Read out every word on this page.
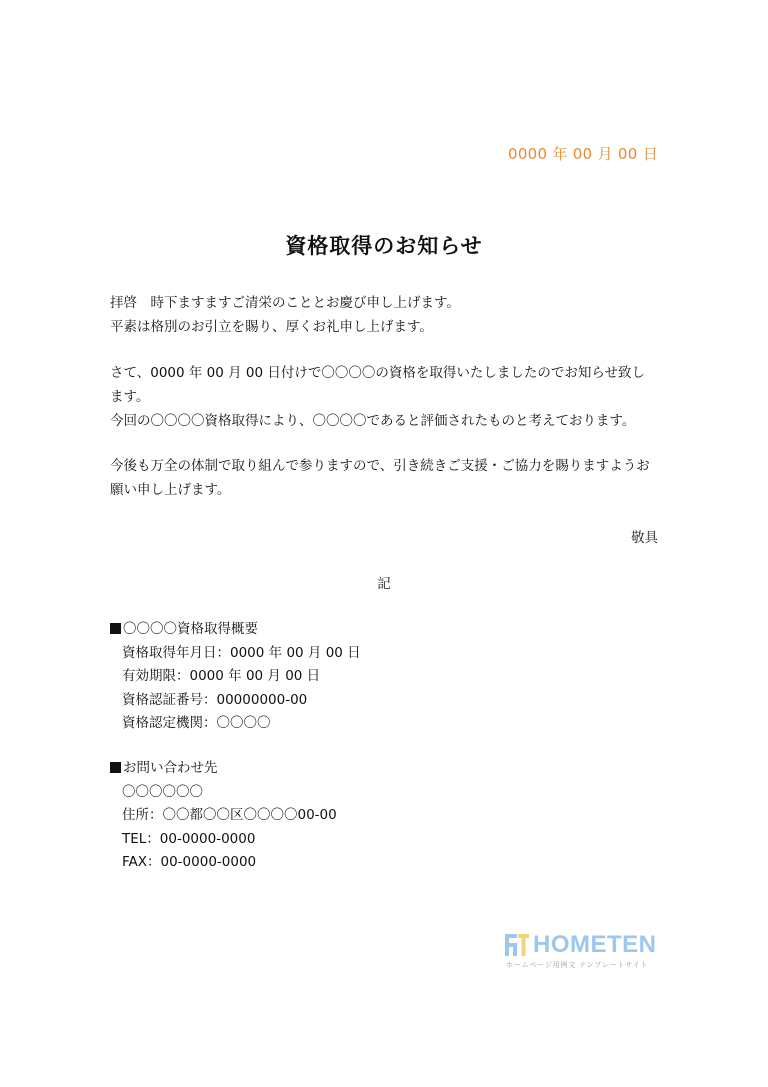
0000 年 00 月 00 日
資格取得のお知らせ

拝啓　時下ますますご清栄のこととお慶び申し上げます。

平素は格別のお引立を賜り、厚くお礼申し上げます。

さて、0000 年 00 月 00 日付けで〇〇〇〇の資格を取得いたしましたのでお知らせ致し

ます。

今回の〇〇〇〇資格取得により、〇〇〇〇であると評価されたものと考えております。

今後も万全の体制で取り組んで参りますので、引き続きご支援・ご協力を賜りますようお

願い申し上げます。

敬具
記
〇〇〇〇資格取得概要
資格取得年月日：0000 年 00 月 00 日
有効期限：0000 年 00 月 00 日
資格認証番号：00000000-00
資格認定機関：〇〇〇〇
お問い合わせ先
〇〇〇〇〇〇
住所：〇〇都〇〇区〇〇〇〇00-00
TEL：00-0000-0000
FAX：00-0000-0000
HOMETEN
ホームページ用例文 テンプレートサイト
